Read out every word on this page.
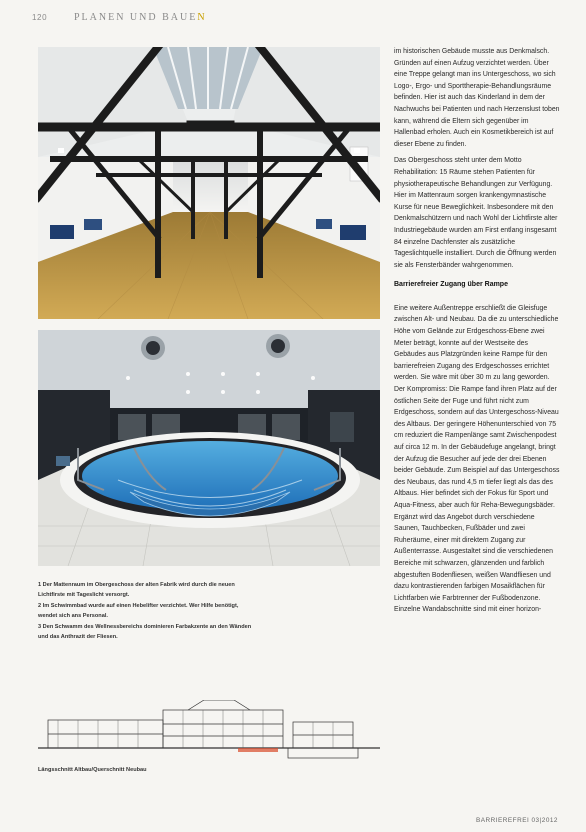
120	PLANEN UND BAUEN

1 Der Mattenraum im Obergeschoss der alten Fabrik wird durch die neuen Lichtfirste mit Tageslicht versorgt.

2 Im Schwimmbad wurde auf einen Hebelifter verzichtet. Wer Hilfe benötigt, wendet sich ans Personal.

3 Den Schwamm des Wellnessbereichs dominieren Farbakzente an den Wänden und das Anthrazit der Fliesen.

Längsschnitt Altbau/Querschnitt Neubau

im historischen Gebäude musste aus Denkmalsch. Gründen auf einen Aufzug verzichtet werden. Über eine Treppe gelangt man ins Untergeschoss, wo sich Logo-, Ergo- und Sporttherapie-Behandlungsräume befinden. Hier ist auch das Kinderland in dem der Nachwuchs bei Patienten und nach Herzenslust toben kann, während die Eltern sich gegenüber im Hallenbad erholen. Auch ein Kosmetikbereich ist auf dieser Ebene zu finden.

Das Obergeschoss steht unter dem Motto Rehabilitation: 15 Räume stehen Patienten für physiotherapeutische Behandlungen zur Verfügung. Hier im Mattenraum sorgen krankengymnastische Kurse für neue Beweglichkeit. Insbesondere mit den Denkmalschützern und nach Wohl der Lichtfirste alter Industriegebäude wurden am First entlang insgesamt 84 einzelne Dachfenster als zusätzliche Tageslichtquelle installiert. Durch die Öffnung werden sie als Fensterbänder wahrgenommen.

Barrierefreier Zugang über Rampe

Eine weitere Außentreppe erschließt die Gleisfuge zwischen Alt- und Neubau. Da die zu unterschiedliche Höhe vom Gelände zur Erdgeschoss-Ebene zwei Meter beträgt, konnte auf der Westseite des Gebäudes aus Platzgründen keine Rampe für den barrierefreien Zugang des Erdgeschosses errichtet werden. Sie wäre mit über 30 m zu lang geworden. Der Kompromiss: Die Rampe fand ihren Platz auf der östlichen Seite der Fuge und führt nicht zum Erdgeschoss, sondern auf das Untergeschoss-Niveau des Altbaus. Der geringere Höhenunterschied von 75 cm reduziert die Rampenlänge samt Zwischenpodest auf circa 12 m. In der Gebäudefuge angelangt, bringt der Aufzug die Besucher auf jede der drei Ebenen beider Gebäude. Zum Beispiel auf das Untergeschoss des Neubaus, das rund 4,5 m tiefer liegt als das des Altbaus. Hier befindet sich der Fokus für Sport und Aqua-Fitness, aber auch für Reha-Bewegungsbäder. Ergänzt wird das Angebot durch verschiedene Saunen, Tauchbecken, Fußbäder und zwei Ruheräume, einer mit direktem Zugang zur Außenterrasse. Ausgestaltet sind die verschiedenen Bereiche mit schwarzen, glänzenden und farblich abgestuften Bodenfliesen, weißen Wandfliesen und dazu kontrastierenden farbigen Mosaikflächen für Lichtfarben wie Farbtrenner der Fußbodenzone. Einzelne Wandabschnitte sind mit einer horizon-

BARRIEREFREI 03|2012
